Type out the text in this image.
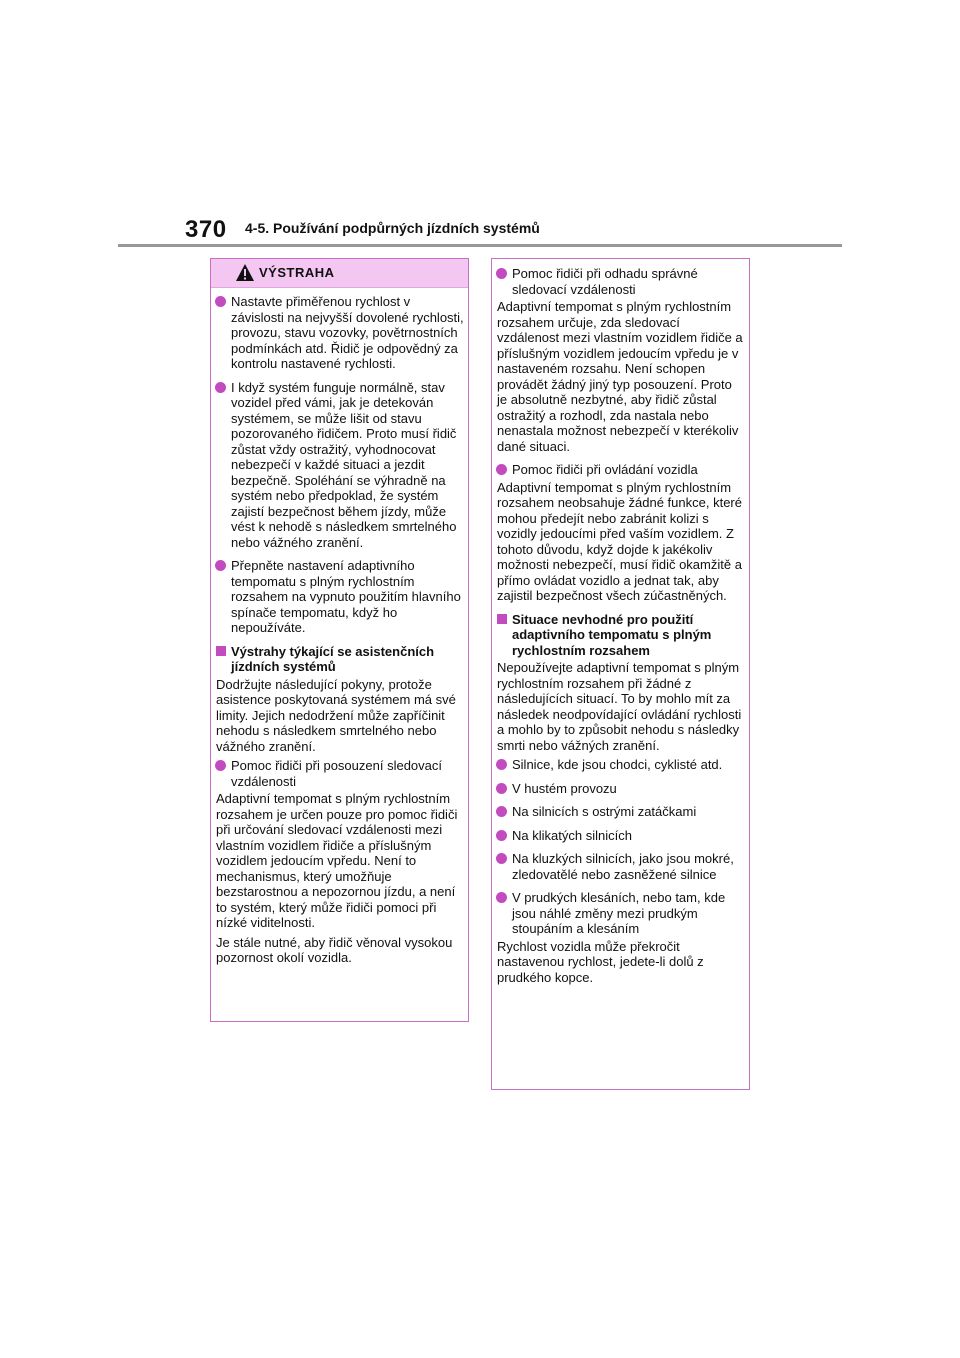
370 4-5. Používání podpůrných jízdních systémů
VÝSTRAHA
Nastavte přiměřenou rychlost v závislosti na nejvyšší dovolené rychlosti, provozu, stavu vozovky, povětrnostních podmínkách atd. Řidič je odpovědný za kontrolu nastavené rychlosti.
I když systém funguje normálně, stav vozidel před vámi, jak je detekován systémem, se může lišit od stavu pozorovaného řidičem. Proto musí řidič zůstat vždy ostražitý, vyhodnocovat nebezpečí v každé situaci a jezdit bezpečně. Spoléhání se výhradně na systém nebo předpoklad, že systém zajistí bezpečnost během jízdy, může vést k nehodě s následkem smrtelného nebo vážného zranění.
Přepněte nastavení adaptivního tempomatu s plným rychlostním rozsahem na vypnuto použitím hlavního spínače tempomatu, když ho nepoužíváte.
Výstrahy týkající se asistenčních jízdních systémů
Dodržujte následující pokyny, protože asistence poskytovaná systémem má své limity. Jejich nedodržení může zapříčinit nehodu s následkem smrtelného nebo vážného zranění.
Pomoc řidiči při posouzení sledovací vzdálenosti
Adaptivní tempomat s plným rychlostním rozsahem je určen pouze pro pomoc řidiči při určování sledovací vzdálenosti mezi vlastním vozidlem řidiče a příslušným vozidlem jedoucím vpředu. Není to mechanismus, který umožňuje bezstarostnou a nepozornou jízdu, a není to systém, který může řidiči pomoci při nízké viditelnosti.
Je stále nutné, aby řidič věnoval vysokou pozornost okolí vozidla.
Pomoc řidiči při odhadu správné sledovací vzdálenosti
Adaptivní tempomat s plným rychlostním rozsahem určuje, zda sledovací vzdálenost mezi vlastním vozidlem řidiče a příslušným vozidlem jedoucím vpředu je v nastaveném rozsahu. Není schopen provádět žádný jiný typ posouzení. Proto je absolutně nezbytné, aby řidič zůstal ostražitý a rozhodl, zda nastala nebo nenastala možnost nebezpečí v kterékoliv dané situaci.
Pomoc řidiči při ovládání vozidla
Adaptivní tempomat s plným rychlostním rozsahem neobsahuje žádné funkce, které mohou předejít nebo zabránit kolizi s vozidly jedoucími před vaším vozidlem. Z tohoto důvodu, když dojde k jakékoliv možnosti nebezpečí, musí řidič okamžitě a přímo ovládat vozidlo a jednat tak, aby zajistil bezpečnost všech zúčastněných.
Situace nevhodné pro použití adaptivního tempomatu s plným rychlostním rozsahem
Nepoužívejte adaptivní tempomat s plným rychlostním rozsahem při žádné z následujících situací. To by mohlo mít za následek neodpovídající ovládání rychlosti a mohlo by to způsobit nehodu s následky smrti nebo vážných zranění.
Silnice, kde jsou chodci, cyklisté atd.
V hustém provozu
Na silnicích s ostrými zatáčkami
Na klikatých silnicích
Na kluzkých silnicích, jako jsou mokré, zledovatělé nebo zasněžené silnice
V prudkých klesáních, nebo tam, kde jsou náhlé změny mezi prudkým stoupáním a klesáním
Rychlost vozidla může překročit nastavenou rychlost, jedete-li dolů z prudkého kopce.
